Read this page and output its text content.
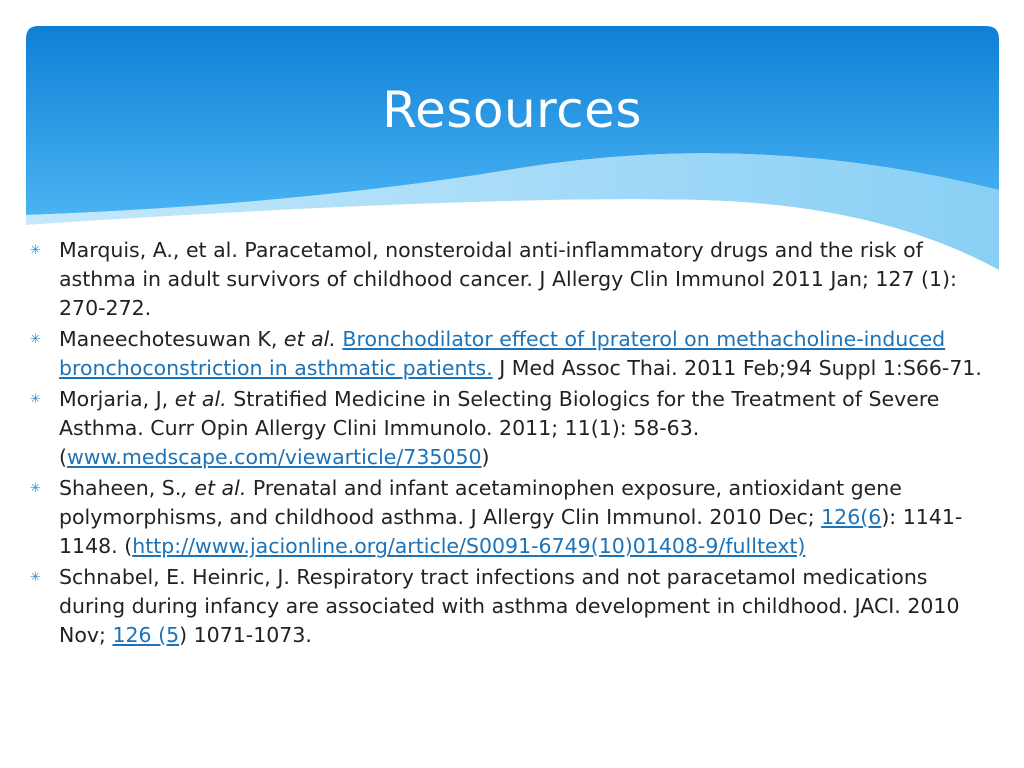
Resources
✳ Marquis, A., et al. Paracetamol, nonsteroidal anti-inflammatory drugs and the risk of asthma in adult survivors of childhood cancer. J Allergy Clin Immunol 2011 Jan; 127 (1): 270-272.
✳ Maneechotesuwan K, et al. Bronchodilator effect of Ipraterol on methacholine-induced bronchoconstriction in asthmatic patients. J Med Assoc Thai. 2011 Feb;94 Suppl 1:S66-71.
✳ Morjaria, J, et al. Stratified Medicine in Selecting Biologics for the Treatment of Severe Asthma. Curr Opin Allergy Clini Immunolo. 2011; 11(1): 58-63. (www.medscape.com/viewarticle/735050)
✳ Shaheen, S., et al. Prenatal and infant acetaminophen exposure, antioxidant gene polymorphisms, and childhood asthma. J Allergy Clin Immunol. 2010 Dec; 126(6): 1141-1148. (http://www.jacionline.org/article/S0091-6749(10)01408-9/fulltext)
✳ Schnabel, E. Heinric, J. Respiratory tract infections and not paracetamol medications during during infancy are associated with asthma development in childhood. JACI. 2010 Nov; 126 (5) 1071-1073.
